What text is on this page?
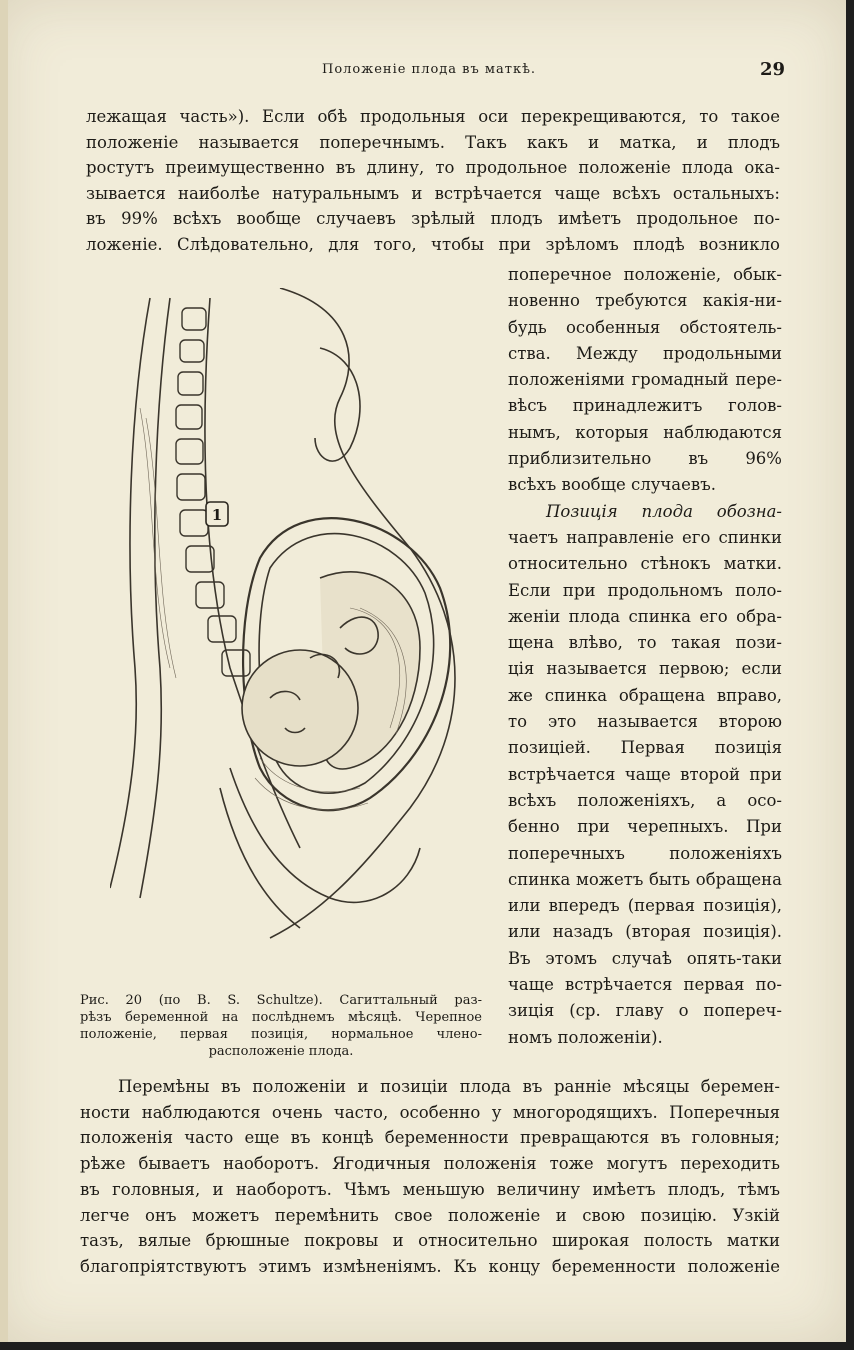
Положеніе плода въ маткѣ.	29
лежащая часть»). Если обѣ продольныя оси перекрещиваются, то такое
положеніе называется поперечнымъ. Такъ какъ и матка, и плодъ
ростутъ преимущественно въ длину, то продольное положеніе плода ока-
зывается наиболѣе натуральнымъ и встрѣчается чаще всѣхъ остальныхъ:
въ 99% всѣхъ вообще случаевъ зрѣлый плодъ имѣетъ продольное по-
ложеніе. Слѣдовательно, для того, чтобы при зрѣломъ плодѣ возникло
1
поперечное положеніе, обык-
новенно требуются какія-ни-
будь особенныя обстоятель-
ства. Между продольными
положеніями громадный пере-
вѣсъ принадлежитъ голов-
нымъ, которыя наблюдаются
приблизительно въ 96%
всѣхъ вообще случаевъ.
Позиція плода обозна-
чаетъ направленіе его спинки
относительно стѣнокъ матки.
Если при продольномъ поло-
женіи плода спинка его обра-
щена влѣво, то такая пози-
ція называется первою; если
же спинка обращена вправо,
то это называется второю
позиціей. Первая позиція
встрѣчается чаще второй при
всѣхъ положеніяхъ, а осо-
бенно при черепныхъ. При
поперечныхъ положеніяхъ
спинка можетъ быть обращена
или впередъ (первая позиція),
или назадъ (вторая позиція).
Въ этомъ случаѣ опять-таки
чаще встрѣчается первая по-
зиція (ср. главу о попереч-
номъ положеніи).
Рис. 20 (по B. S. Schultze). Сагиттальный раз-
рѣзъ беременной на послѣднемъ мѣсяцѣ. Черепное
положеніе, первая позиція, нормальное члено-
расположеніе плода.
Перемѣны въ положеніи и позиціи плода въ ранніе мѣсяцы беремен-
ности наблюдаются очень часто, особенно у многородящихъ. Поперечныя
положенія часто еще въ концѣ беременности превращаются въ головныя;
рѣже бываетъ наоборотъ. Ягодичныя положенія тоже могутъ переходить
въ головныя, и наоборотъ. Чѣмъ меньшую величину имѣетъ плодъ, тѣмъ
легче онъ можетъ перемѣнить свое положеніе и свою позицію. Узкій
тазъ, вялые брюшные покровы и относительно широкая полость матки
благопріятствуютъ этимъ измѣненіямъ. Къ концу беременности положеніе
